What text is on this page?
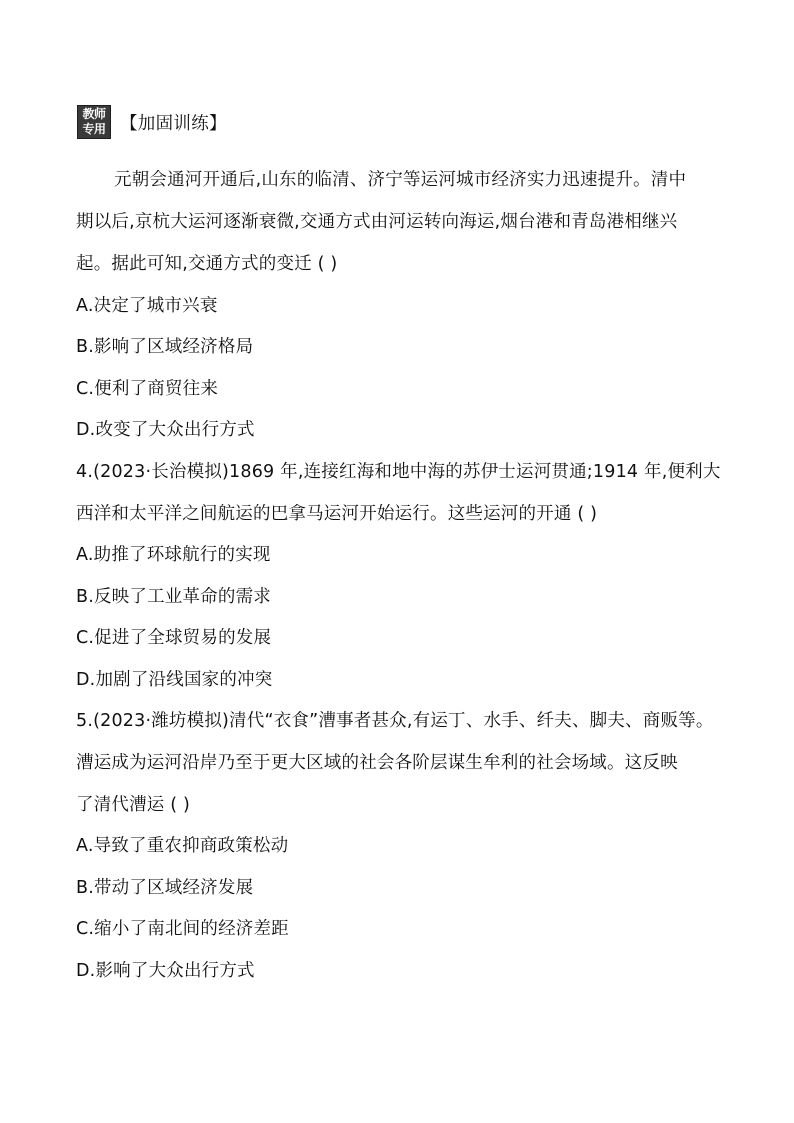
教师
专用 【加固训练】
元朝会通河开通后,山东的临清、济宁等运河城市经济实力迅速提升。清中
期以后,京杭大运河逐渐衰微,交通方式由河运转向海运,烟台港和青岛港相继兴
起。据此可知,交通方式的变迁 ( )
A.决定了城市兴衰
B.影响了区域经济格局
C.便利了商贸往来
D.改变了大众出行方式
4.(2023·长治模拟)1869 年,连接红海和地中海的苏伊士运河贯通;1914 年,便利大
西洋和太平洋之间航运的巴拿马运河开始运行。这些运河的开通 ( )
A.助推了环球航行的实现
B.反映了工业革命的需求
C.促进了全球贸易的发展
D.加剧了沿线国家的冲突
5.(2023·潍坊模拟)清代“衣食”漕事者甚众,有运丁、水手、纤夫、脚夫、商贩等。
漕运成为运河沿岸乃至于更大区域的社会各阶层谋生牟利的社会场域。这反映
了清代漕运 ( )
A.导致了重农抑商政策松动
B.带动了区域经济发展
C.缩小了南北间的经济差距
D.影响了大众出行方式
